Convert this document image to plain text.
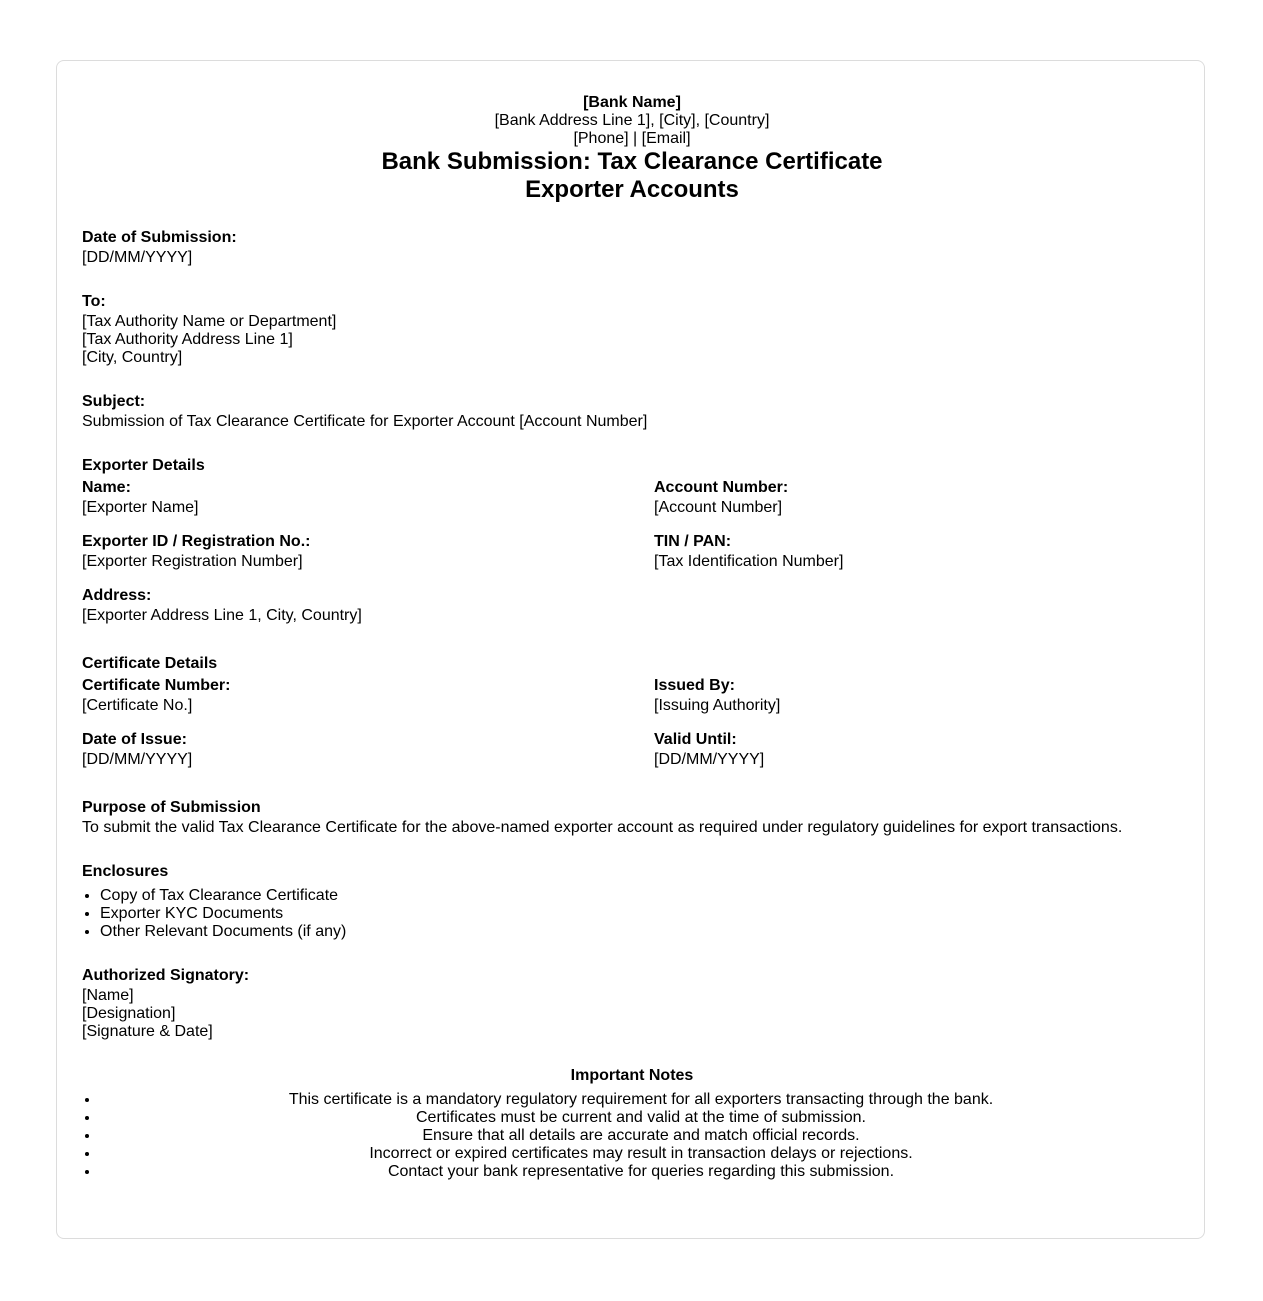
[Bank Name]
[Bank Address Line 1], [City], [Country]
[Phone] | [Email]
Bank Submission: Tax Clearance Certificate
Exporter Accounts
Date of Submission:
[DD/MM/YYYY]
To:
[Tax Authority Name or Department]
[Tax Authority Address Line 1]
[City, Country]
Subject:
Submission of Tax Clearance Certificate for Exporter Account [Account Number]
Exporter Details
Name:
[Exporter Name]
Account Number:
[Account Number]
Exporter ID / Registration No.:
[Exporter Registration Number]
TIN / PAN:
[Tax Identification Number]
Address:
[Exporter Address Line 1, City, Country]
Certificate Details
Certificate Number:
[Certificate No.]
Issued By:
[Issuing Authority]
Date of Issue:
[DD/MM/YYYY]
Valid Until:
[DD/MM/YYYY]
Purpose of Submission
To submit the valid Tax Clearance Certificate for the above-named exporter account as required under regulatory guidelines for export transactions.
Enclosures
• Copy of Tax Clearance Certificate
• Exporter KYC Documents
• Other Relevant Documents (if any)
Authorized Signatory:
[Name]
[Designation]
[Signature & Date]
Important Notes
• This certificate is a mandatory regulatory requirement for all exporters transacting through the bank.
• Certificates must be current and valid at the time of submission.
• Ensure that all details are accurate and match official records.
• Incorrect or expired certificates may result in transaction delays or rejections.
• Contact your bank representative for queries regarding this submission.
